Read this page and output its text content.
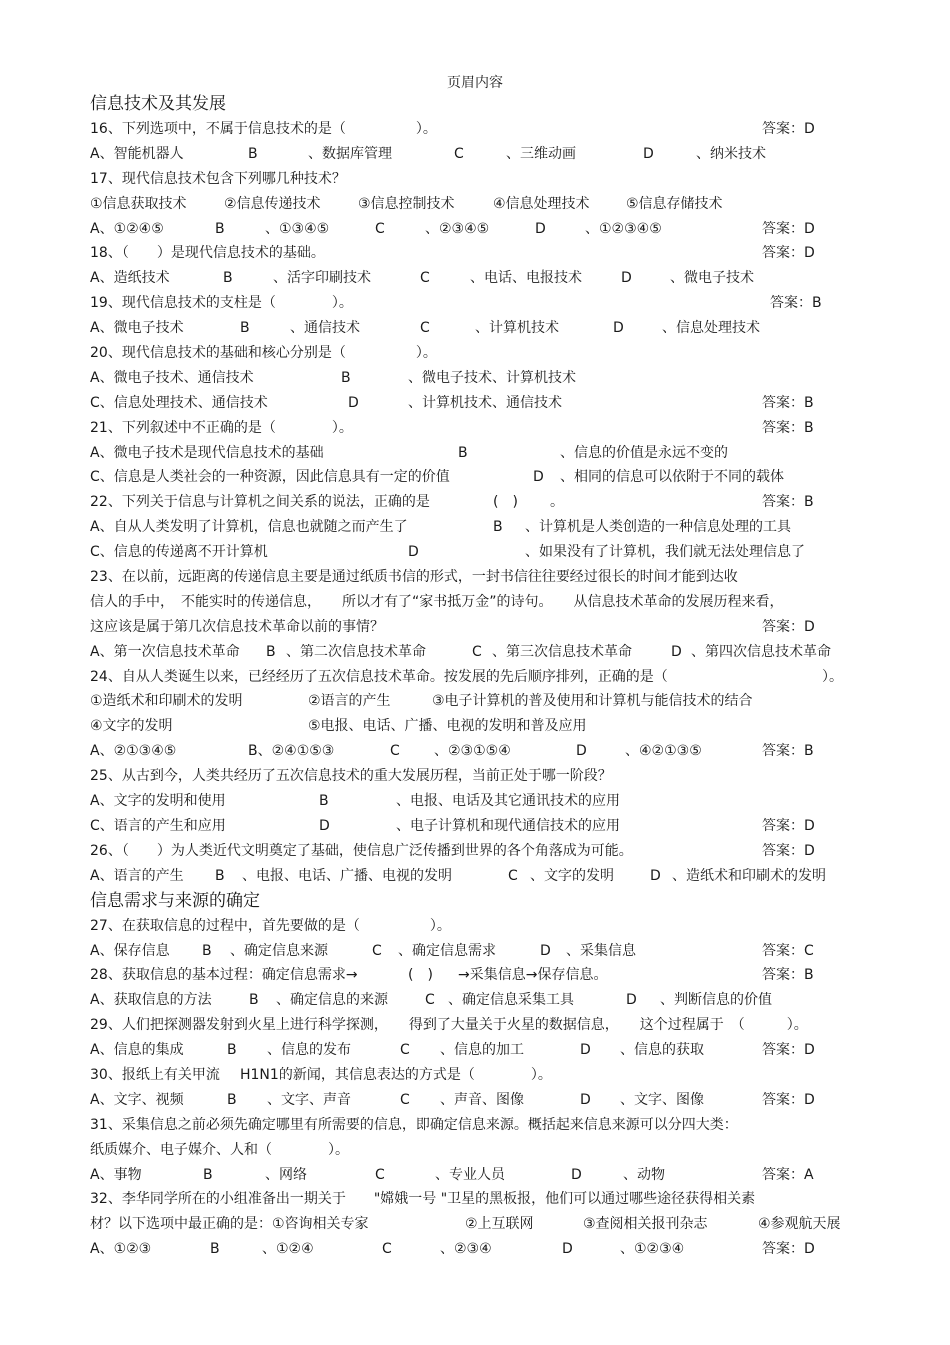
页眉内容
信息技术及其发展
16、下列选项中，不属于信息技术的是（　　　　　）。	答案：D
A、智能机器人	B	、数据库管理	C	、三维动画	D	、纳米技术
17、现代信息技术包含下列哪几种技术？
①信息获取技术	②信息传递技术	③信息控制技术	④信息处理技术	⑤信息存储技术
A、①②④⑤	B	、①③④⑤	C	、②③④⑤	D	、①②③④⑤	答案：D
18、（　　）是现代信息技术的基础。	答案：D
A、造纸技术	B	、活字印刷技术	C	、电话、电报技术	D	、微电子技术
19、现代信息技术的支柱是（　　　　）。	答案：B
A、微电子技术	B	、通信技术	C	、计算机技术	D	、信息处理技术
20、现代信息技术的基础和核心分别是（　　　　　）。
A、微电子技术、通信技术	B	、微电子技术、计算机技术
C、信息处理技术、通信技术	D	、计算机技术、通信技术	答案：B
21、下列叙述中不正确的是（　　　　）。	答案：B
A、微电子技术是现代信息技术的基础	B	、信息的价值是永远不变的
C、信息是人类社会的一种资源，因此信息具有一定的价值	D 、相同的信息可以依附于不同的载体
22、下列关于信息与计算机之间关系的说法，正确的是	(　) 。	答案：B
A、自从人类发明了计算机，信息也就随之而产生了	B 、计算机是人类创造的一种信息处理的工具
C、信息的传递离不开计算机	D	、如果没有了计算机，我们就无法处理信息了
23、在以前，远距离的传递信息主要是通过纸质书信的形式，一封书信往往要经过很长的时间才能到达收
信人的手中，　不能实时的传递信息，　　所以才有了“家书抵万金”的诗句。　　从信息技术革命的发展历程来看，
这应该是属于第几次信息技术革命以前的事情？	答案：D
A、第一次信息技术革命 B 、第二次信息技术革命	C 、第三次信息技术革命	D 、第四次信息技术革命
24、自从人类诞生以来，已经经历了五次信息技术革命。按发展的先后顺序排列，正确的是（	）。
①造纸术和印刷术的发明	②语言的产生	③电子计算机的普及使用和计算机与能信技术的结合
④文字的发明	⑤电报、电话、广播、电视的发明和普及应用
A、②①③④⑤	B、②④①⑤③	C 、②③①⑤④	D	、④②①③⑤	答案：B
25、从古到今，人类共经历了五次信息技术的重大发展历程，当前正处于哪一阶段？
A、文字的发明和使用	B	、电报、电话及其它通讯技术的应用
C、语言的产生和应用	D	、电子计算机和现代通信技术的应用	答案：D
26、（　　）为人类近代文明奠定了基础，使信息广泛传播到世界的各个角落成为可能。	答案：D
A、语言的产生 B 、电报、电话、广播、电视的发明	C 、文字的发明	D 、造纸术和印刷术的发明
信息需求与来源的确定
27、在获取信息的过程中，首先要做的是（　　　　　）。
A、保存信息 B 、确定信息来源	C 、确定信息需求	D 、采集信息	答案：C
28、获取信息的基本过程：确定信息需求→	(　) →采集信息→保存信息。	答案：B
A、获取信息的方法	B 、确定信息的来源	C 、确定信息采集工具	D 、判断信息的价值
29、人们把探测器发射到火星上进行科学探测，　　得到了大量关于火星的数据信息，　　这个过程属于　（　　　）。
A、信息的集成	B 、信息的发布	C 、信息的加工	D 、信息的获取	答案：D
30、报纸上有关甲流 H1N1的新闻，其信息表达的方式是（　　　　）。
A、文字、视频	B 、文字、声音	C 、声音、图像	D 、文字、图像	答案：D
31、采集信息之前必须先确定哪里有所需要的信息，即确定信息来源。概括起来信息来源可以分四大类：
纸质媒介、电子媒介、人和（　　　　）。
A、事物	B	、网络	C	、专业人员	D	、动物	答案：A
32、李华同学所在的小组准备出一期关于　　"嫦娥一号 "卫星的黑板报，他们可以通过哪些途径获得相关素
材？以下选项中最正确的是：①咨询相关专家	②上互联网	③查阅相关报刊杂志	④参观航天展
A、①②③	B	、①②④	C	、②③④	D	、①②③④	答案：D
